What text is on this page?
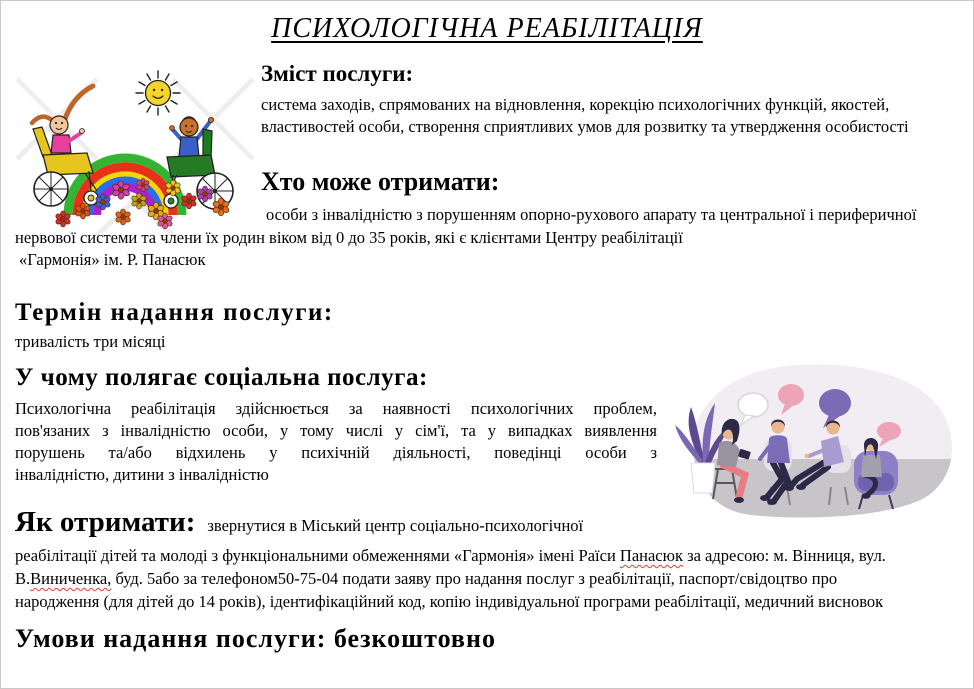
ПСИХОЛОГІЧНА РЕАБІЛІТАЦІЯ
Зміст послуги:
система заходів, спрямованих на відновлення, корекцію психологічних функцій, якостей,
властивостей особи, створення сприятливих умов для розвитку та утвердження особистості
Хто може отримати:
особи з інвалідністю з порушенням опорно-рухового апарату та центральної і периферичної
нервової системи та члени їх родин віком від 0 до 35 років, які є клієнтами Центру реабілітації
«Гармонія» ім. Р. Панасюк
Термін надання послуги:
тривалість три місяці
У чому полягає соціальна послуга:
Психологічна реабілітація здійснюється за наявності психологічних проблем,
пов'язаних з інвалідністю особи, у тому числі у сім'ї, та у випадках виявлення
порушень та/або відхилень у психічній діяльності, поведінці особи з
інвалідністю, дитини з інвалідністю
Як отримати: звернутися в Міський центр соціально-психологічної
реабілітації дітей та молоді з функціональними обмеженнями «Гармонія» імені Раїси Панасюк за адресою: м. Вінниця, вул.
В.Виниченка, буд. 5або за телефоном50-75-04 подати заяву про надання послуг з реабілітації, паспорт/свідоцтво про
народження (для дітей до 14 років), ідентифікаційний код, копію індивідуальної програми реабілітації, медичний висновок
Умови надання послуги: безкоштовно
